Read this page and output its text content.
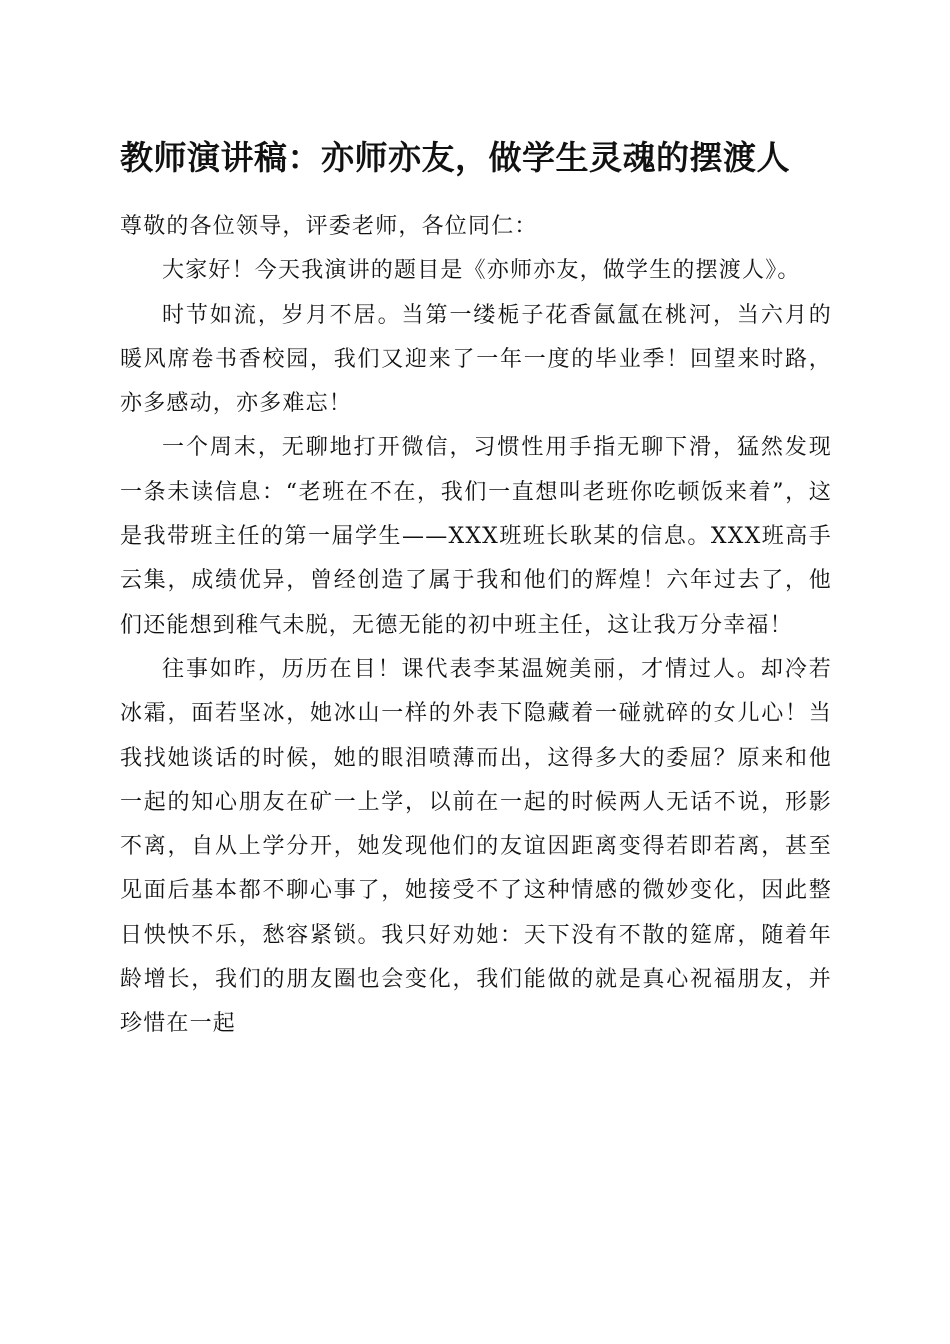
教师演讲稿：亦师亦友，做学生灵魂的摆渡人

尊敬的各位领导，评委老师，各位同仁：

大家好！今天我演讲的题目是《亦师亦友，做学生的摆渡人》。

时节如流，岁月不居。当第一缕栀子花香氤氲在桃河，当六月的暖风席卷书香校园，我们又迎来了一年一度的毕业季！回望来时路，亦多感动，亦多难忘！

一个周末，无聊地打开微信，习惯性用手指无聊下滑，猛然发现一条未读信息：“老班在不在，我们一直想叫老班你吃顿饭来着”，这是我带班主任的第一届学生——XXX班班长耿某的信息。XXX班高手云集，成绩优异，曾经创造了属于我和他们的辉煌！六年过去了，他们还能想到稚气未脱，无德无能的初中班主任，这让我万分幸福！

往事如昨，历历在目！课代表李某温婉美丽，才情过人。却冷若冰霜，面若坚冰，她冰山一样的外表下隐藏着一碰就碎的女儿心！当我找她谈话的时候，她的眼泪喷薄而出，这得多大的委屈？原来和他一起的知心朋友在矿一上学，以前在一起的时候两人无话不说，形影不离，自从上学分开，她发现他们的友谊因距离变得若即若离，甚至见面后基本都不聊心事了，她接受不了这种情感的微妙变化，因此整日怏怏不乐，愁容紧锁。我只好劝她：天下没有不散的筵席，随着年龄增长，我们的朋友圈也会变化，我们能做的就是真心祝福朋友，并珍惜在一起
